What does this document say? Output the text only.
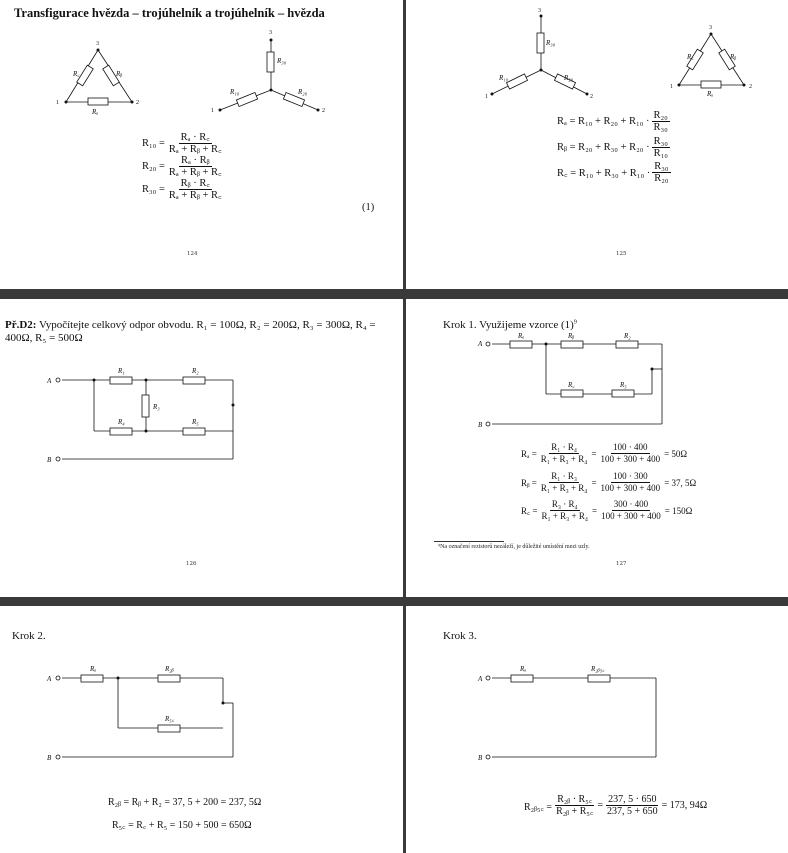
Transfigurace hvězda – trojúhelník a trojúhelník – hvězda
1	2
3
Rₐ
Rᵦ
R꜀
3
1	2
R₃₀
R₁₀	R₂₀
$R_{10} = \frac{\text{Rₐ · R꜀}}{\text{Rₐ + Rᵦ + R꜀}}$
$R_{20} = \frac{\text{Rₐ · Rᵦ}}{\text{Rₐ + Rᵦ + R꜀}}$
$R_{30} = \frac{\text{Rᵦ · R꜀}}{\text{Rₐ + Rᵦ + R꜀}}$
(1)
124
3
1	2
R₃₀
R₁₀	R₂₀
1	2
3
Rₐ
Rᵦ
R꜀
$R_a = R_{10} + R_{20} + R_{10} \cdot \frac{\text{R₂₀}}{\text{R₃₀}}$
Rᵦ = $R_{20} + R_{30} + R_{20} \cdot \frac{\text{R₃₀}}{\text{R₁₀}}$
R꜀ = $R_{10} + R_{30} + R_{10} \cdot \frac{\text{R₃₀}}{\text{R₂₀}}$
125
Př.D2: Vypočítejte celkový odpor obvodu. R₁ = 100Ω, R₂ = 200Ω, R₃ = 300Ω, R₄ =
400Ω, R₅ = 500Ω
A
B
R₁	R₂
R₃
R₄	R₅
126
Krok 1. Využijeme vzorce $(1)^9$
A
B
Rₐ	Rᵦ	R₂
R꜀	R₅
$R_a = \frac{\text{R₁ · R₄}}{\text{R₁ + R₃ + R₄}} = \frac{100 \cdot 400}{100 + 300 + 400} = 50\Omega$
Rᵦ = $\frac{\text{R₁ · R₃}}{\text{R₁ + R₃ + R₄}} = \frac{100 \cdot 300}{100 + 300 + 400} = 37$, 5Ω
R꜀ = $\frac{\text{R₃ · R₄}}{\text{R₁ + R₃ + R₄}} = \frac{300 \cdot 400}{100 + 300 + 400} = 150\Omega$
⁹Na označení rezistorů nezáleží, je důležité umístění mezi uzly.
127
Krok 2.
A
B
Rₐ	R₂ᵦ
R₅꜀
R₂ᵦ = Rᵦ + R₂ = 37, 5 + 200 = 237, 5Ω
R₅꜀ = R꜀ + R₅ = 150 + 500 = 650Ω
Krok 3.
A
B
Rₐ	R₂ᵦ₅꜀
R₂ᵦ₅꜀ = $\frac{\text{R₂ᵦ · R₅꜀}}{\text{R₂ᵦ + R₅꜀}} = \frac{237, 5 \cdot 650}{237, 5 + 650} = 173$, 94Ω
